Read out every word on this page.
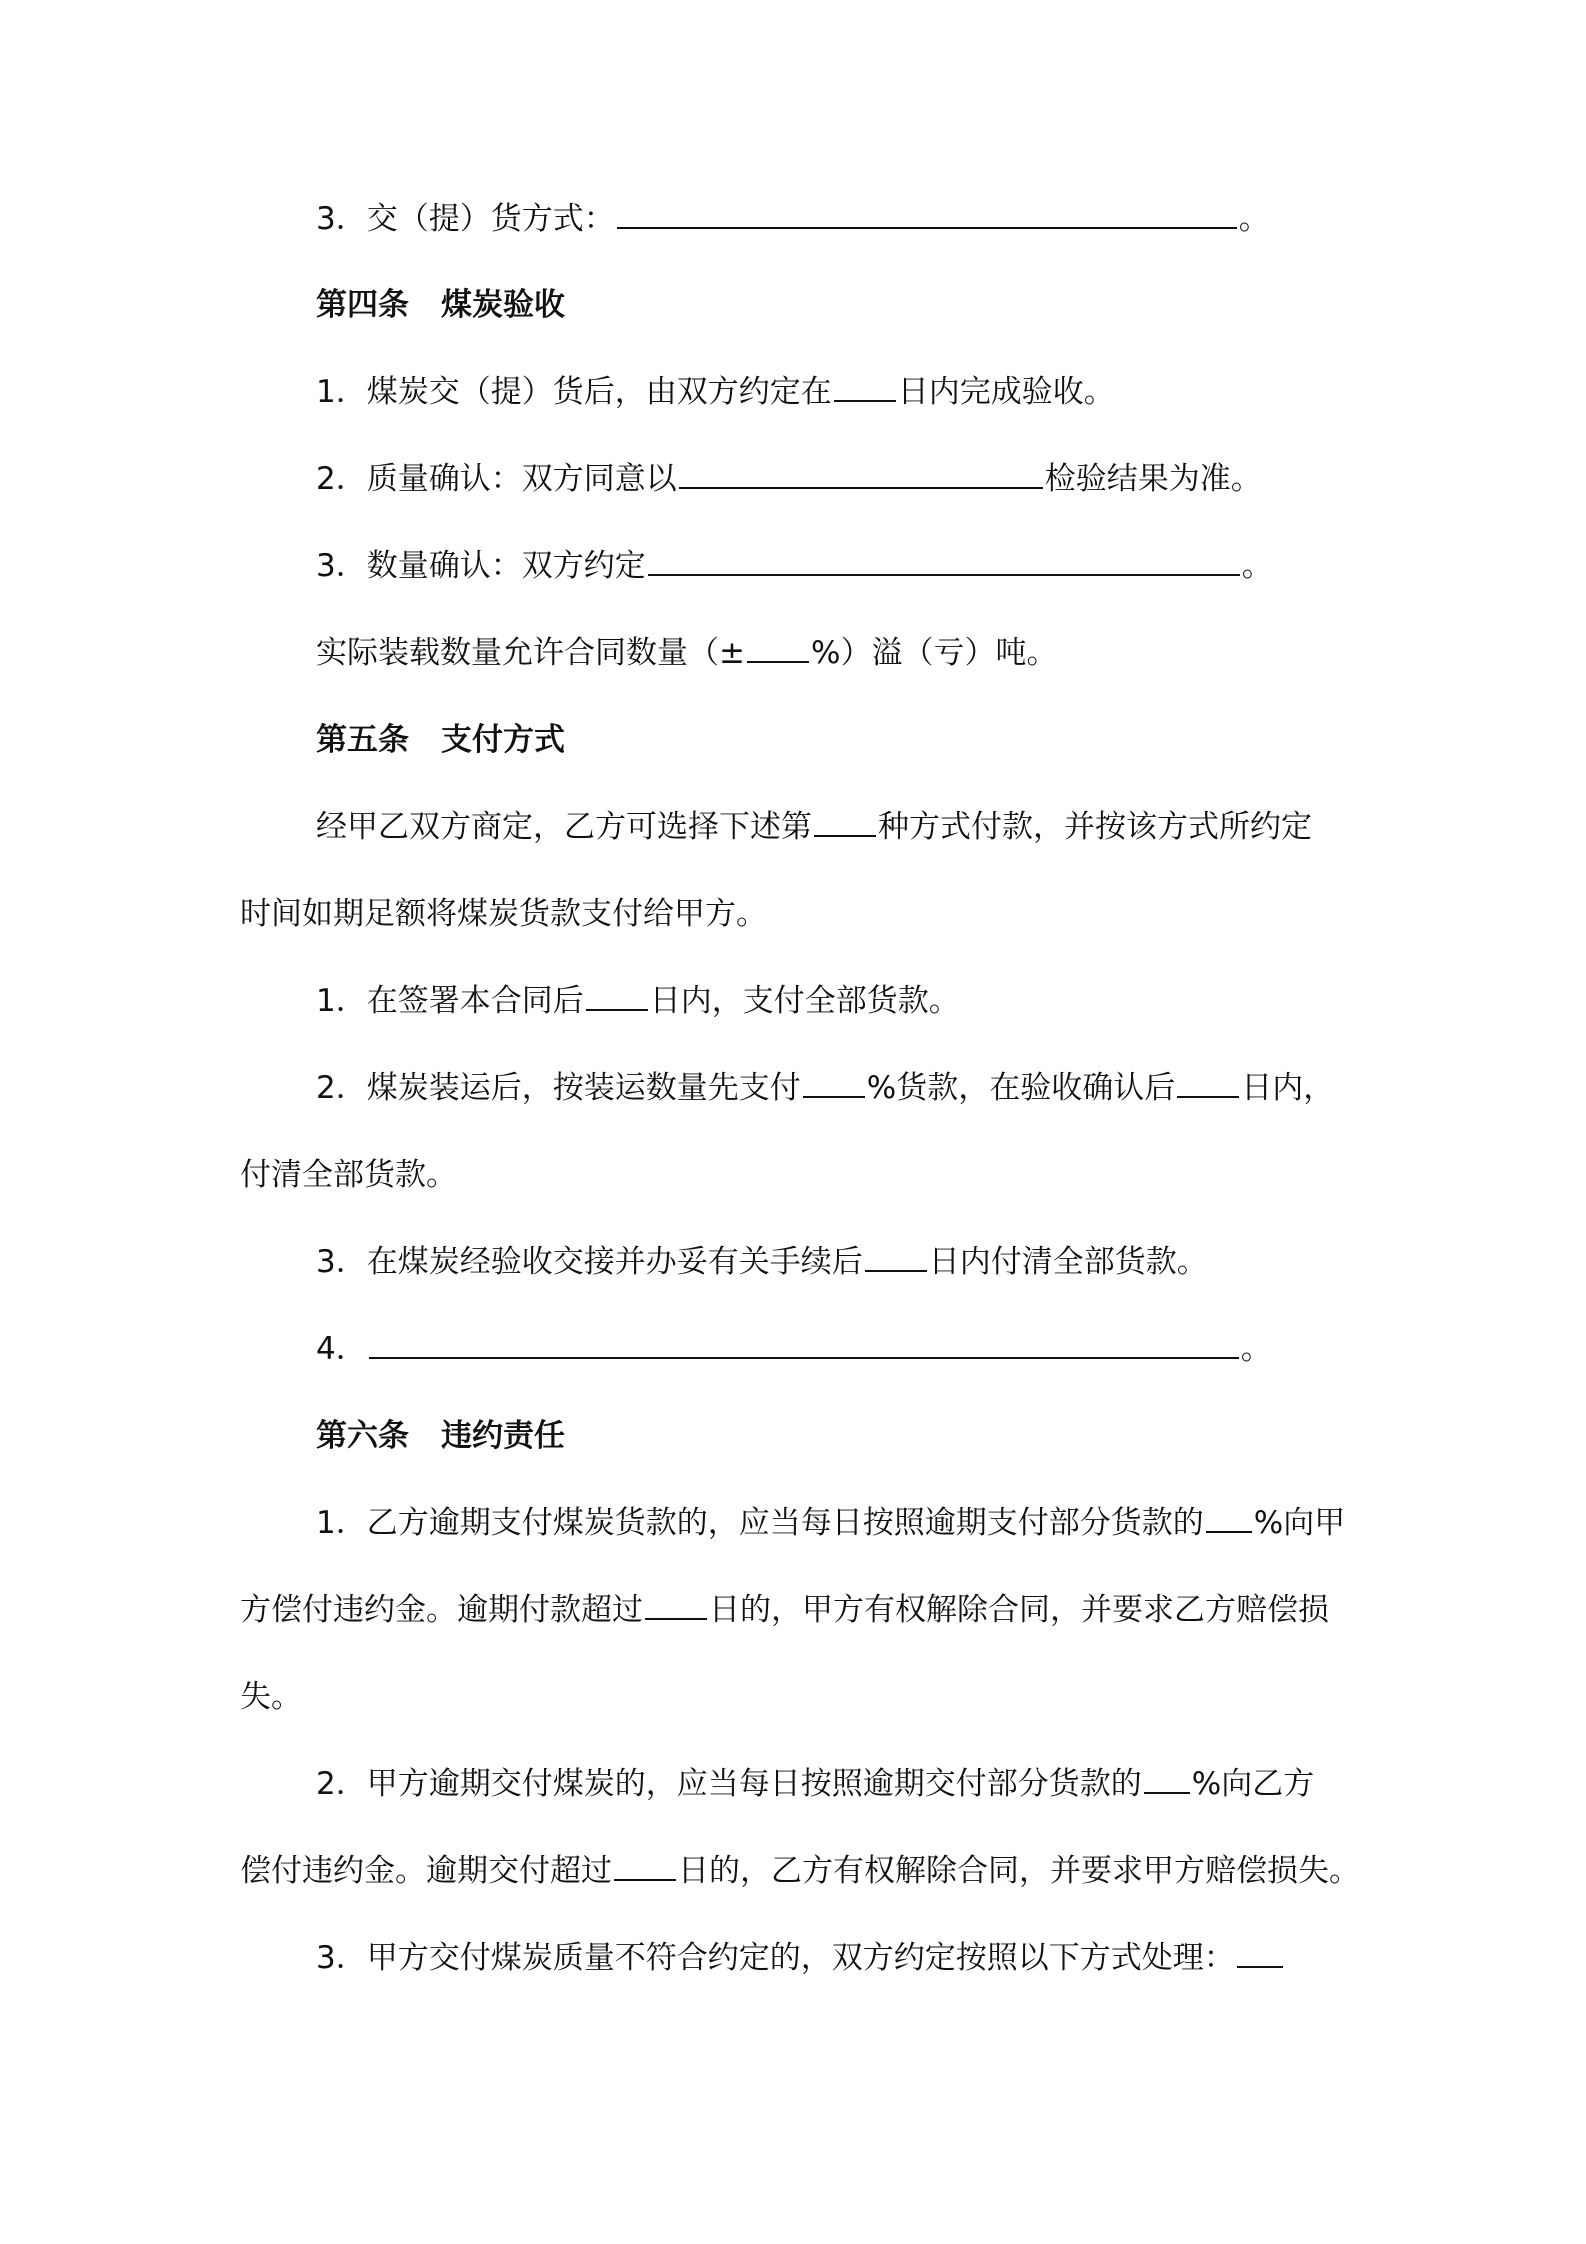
3．交（提）货方式：	。
第四条 煤炭验收
1．煤炭交（提）货后，由双方约定在 日内完成验收。
2．质量确认：双方同意以	检验结果为准。
3．数量确认：双方约定	。
实际装载数量允许合同数量（± %）溢（亏）吨。
第五条 支付方式
经甲乙双方商定，乙方可选择下述第 种方式付款，并按该方式所约定
时间如期足额将煤炭货款支付给甲方。
1．在签署本合同后 日内，支付全部货款。
2．煤炭装运后，按装运数量先支付 %货款，在验收确认后 日内，
付清全部货款。
3．在煤炭经验收交接并办妥有关手续后 日内付清全部货款。
4．	。
第六条 违约责任
1．乙方逾期支付煤炭货款的，应当每日按照逾期支付部分货款的 %向甲
方偿付违约金。逾期付款超过 日的，甲方有权解除合同，并要求乙方赔偿损
失。
2．甲方逾期交付煤炭的，应当每日按照逾期交付部分货款的 %向乙方
偿付违约金。逾期交付超过 日的，乙方有权解除合同，并要求甲方赔偿损失。
3．甲方交付煤炭质量不符合约定的，双方约定按照以下方式处理：
